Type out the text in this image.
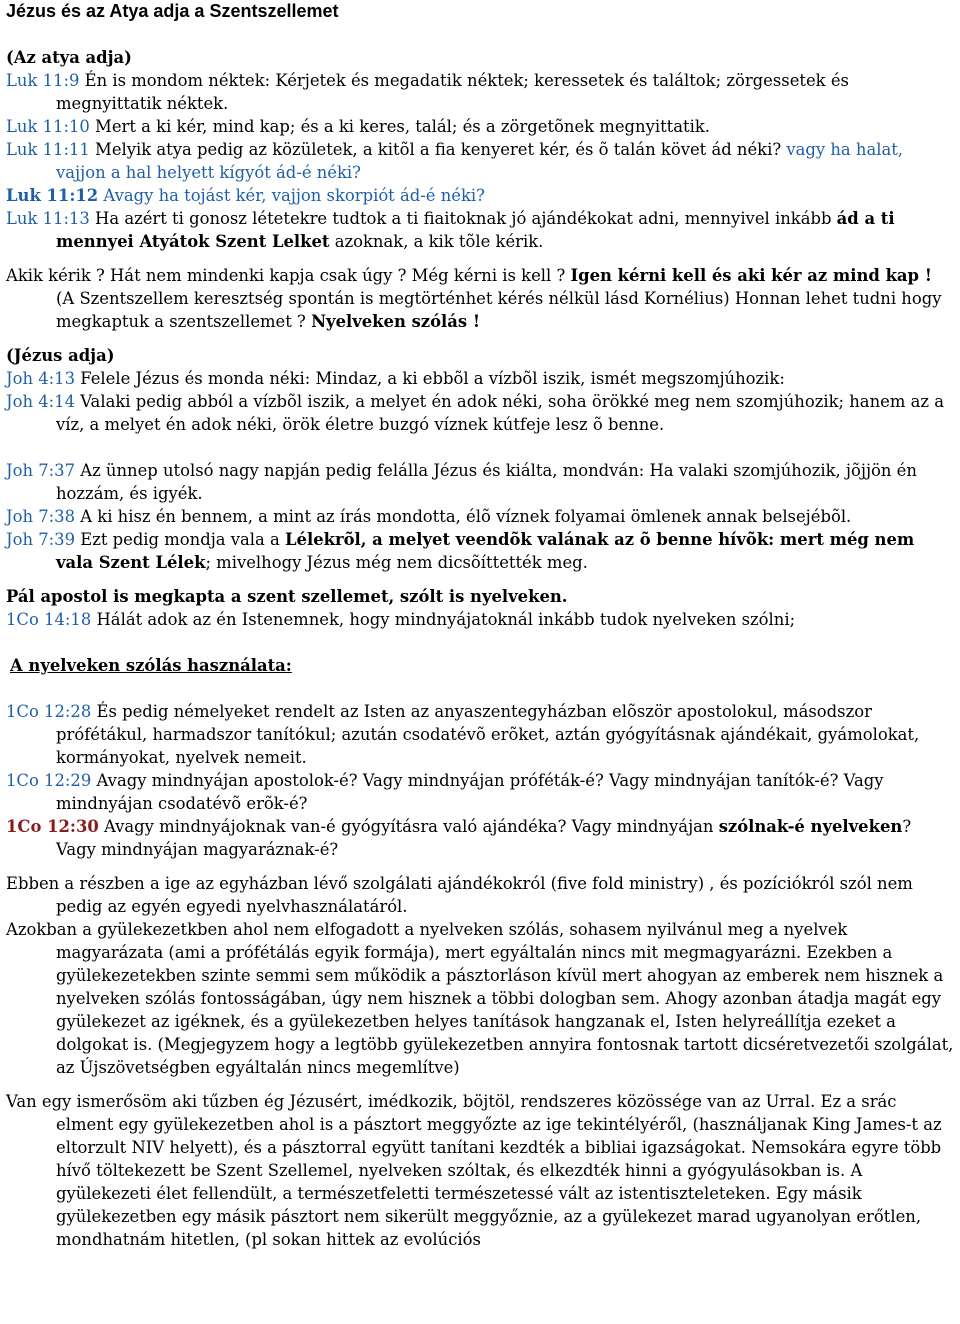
Jézus és az Atya adja a Szentszellemet

(Az atya adja)

Luk 11:9 Én is mondom néktek: Kérjetek és megadatik néktek; keressetek és találtok; zörgessetek és megnyittatik néktek.

Luk 11:10 Mert a ki kér, mind kap; és a ki keres, talál; és a zörgetõnek megnyittatik.

Luk 11:11 Melyik atya pedig az közületek, a kitõl a fia kenyeret kér, és õ talán követ ád néki? vagy ha halat, vajjon a hal helyett kígyót ád-é néki?

Luk 11:12 Avagy ha tojást kér, vajjon skorpiót ád-é néki?

Luk 11:13 Ha azért ti gonosz létetekre tudtok a ti fiaitoknak jó ajándékokat adni, mennyivel inkább ád a ti mennyei Atyátok Szent Lelket azoknak, a kik tõle kérik.

Akik kérik ? Hát nem mindenki kapja csak úgy ? Még kérni is kell ? Igen kérni kell és aki kér az mind kap ! (A Szentszellem keresztség spontán is megtörténhet kérés nélkül lásd Kornélius) Honnan lehet tudni hogy megkaptuk a szentszellemet ? Nyelveken szólás !

(Jézus adja)

Joh 4:13 Felele Jézus és monda néki: Mindaz, a ki ebbõl a vízbõl iszik, ismét megszomjúhozik:

Joh 4:14 Valaki pedig abból a vízbõl iszik, a melyet én adok néki, soha örökké meg nem szomjúhozik; hanem az a víz, a melyet én adok néki, örök életre buzgó víznek kútfeje lesz õ benne.

Joh 7:37 Az ünnep utolsó nagy napján pedig felálla Jézus és kiálta, mondván: Ha valaki szomjúhozik, jõjjön én hozzám, és igyék.

Joh 7:38 A ki hisz én bennem, a mint az írás mondotta, élõ víznek folyamai ömlenek annak belsejébõl.

Joh 7:39 Ezt pedig mondja vala a Lélekrõl, a melyet veendõk valának az õ benne hívõk: mert még nem vala Szent Lélek; mivelhogy Jézus még nem dicsõíttették meg.

Pál apostol is megkapta a szent szellemet, szólt is nyelveken.

1Co 14:18 Hálát adok az én Istenemnek, hogy mindnyájatoknál inkább tudok nyelveken szólni;

A nyelveken szólás használata:

1Co 12:28 És pedig némelyeket rendelt az Isten az anyaszentegyházban elõször apostolokul, másodszor prófétákul, harmadszor tanítókul; azután csodatévõ erõket, aztán gyógyításnak ajándékait, gyámolokat, kormányokat, nyelvek nemeit.

1Co 12:29 Avagy mindnyájan apostolok-é? Vagy mindnyájan próféták-é? Vagy mindnyájan tanítók-é? Vagy mindnyájan csodatévõ erõk-é?

1Co 12:30 Avagy mindnyájoknak van-é gyógyításra való ajándéka? Vagy mindnyájan szólnak-é nyelveken? Vagy mindnyájan magyaráznak-é?

Ebben a részben a ige az egyházban lévő szolgálati ajándékokról (five fold ministry) , és pozíciókról szól nem pedig az egyén egyedi nyelvhasználatáról.

Azokban a gyülekezetkben ahol nem elfogadott a nyelveken szólás, sohasem nyilvánul meg a nyelvek magyarázata (ami a prófétálás egyik formája), mert egyáltalán nincs mit megmagyarázni. Ezekben a gyülekezetekben szinte semmi sem működik a pásztorláson kívül mert ahogyan az emberek nem hisznek a nyelveken szólás fontosságában, úgy nem hisznek a többi dologban sem. Ahogy azonban átadja magát egy gyülekezet az igéknek, és a gyülekezetben helyes tanítások hangzanak el, Isten helyreállítja ezeket a dolgokat is. (Megjegyzem hogy a legtöbb gyülekezetben annyira fontosnak tartott dicséretvezetői szolgálat, az Újszövetségben egyáltalán nincs megemlítve)

Van egy ismerősöm aki tűzben ég Jézusért, imédkozik, böjtöl, rendszeres közössége van az Urral. Ez a srác elment egy gyülekezetben ahol is a pásztort meggyőzte az ige tekintélyéről, (használjanak King James-t az eltorzult NIV helyett), és a pásztorral együtt tanítani kezdték a bibliai igazságokat. Nemsokára egyre több hívő töltekezett be Szent Szellemel, nyelveken szóltak, és elkezdték hinni a gyógyulásokban is. A gyülekezeti élet fellendült, a természetfeletti természetessé vált az istentiszteleteken. Egy másik gyülekezetben egy másik pásztort nem sikerült meggyőznie, az a gyülekezet marad ugyanolyan erőtlen, mondhatnám hitetlen, (pl sokan hittek az evolúciós
